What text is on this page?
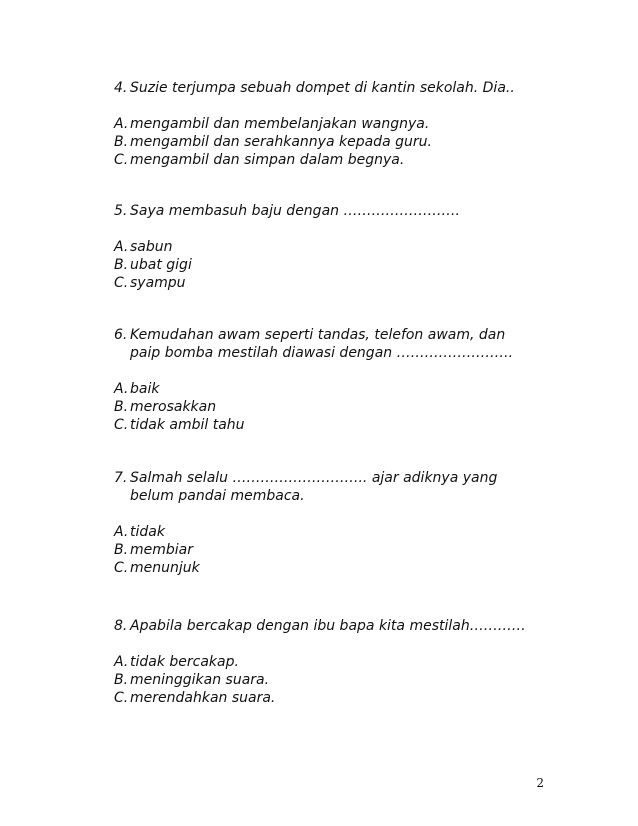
4. Suzie terjumpa sebuah dompet di kantin sekolah. Dia..
A. mengambil dan membelanjakan wangnya.
B. mengambil dan serahkannya kepada guru.
C. mengambil dan simpan dalam begnya.
5. Saya membasuh baju dengan …………………….
A. sabun
B. ubat gigi
C. syampu
6. Kemudahan awam seperti tandas, telefon awam, dan
paip bomba mestilah diawasi dengan …………………….
A. baik
B. merosakkan
C. tidak ambil tahu
7. Salmah selalu ……………………….. ajar adiknya yang
belum pandai membaca.
A. tidak
B. membiar
C. menunjuk
8. Apabila bercakap dengan ibu bapa kita mestilah…………
A. tidak bercakap.
B. meninggikan suara.
C. merendahkan suara.
2
